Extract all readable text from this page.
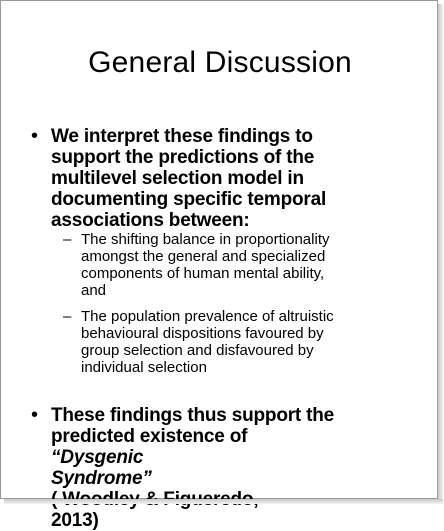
General Discussion
• We interpret these findings to
support the predictions of the
multilevel selection model in
documenting specific temporal
associations between:
– The shifting balance in proportionality
amongst the general and specialized
components of human mental ability,
and
– The population prevalence of altruistic
behavioural dispositions favoured by
group selection and disfavoured by
individual selection
• These findings thus support the
predicted existence of
“Dysgenic
Syndrome”
2013)
